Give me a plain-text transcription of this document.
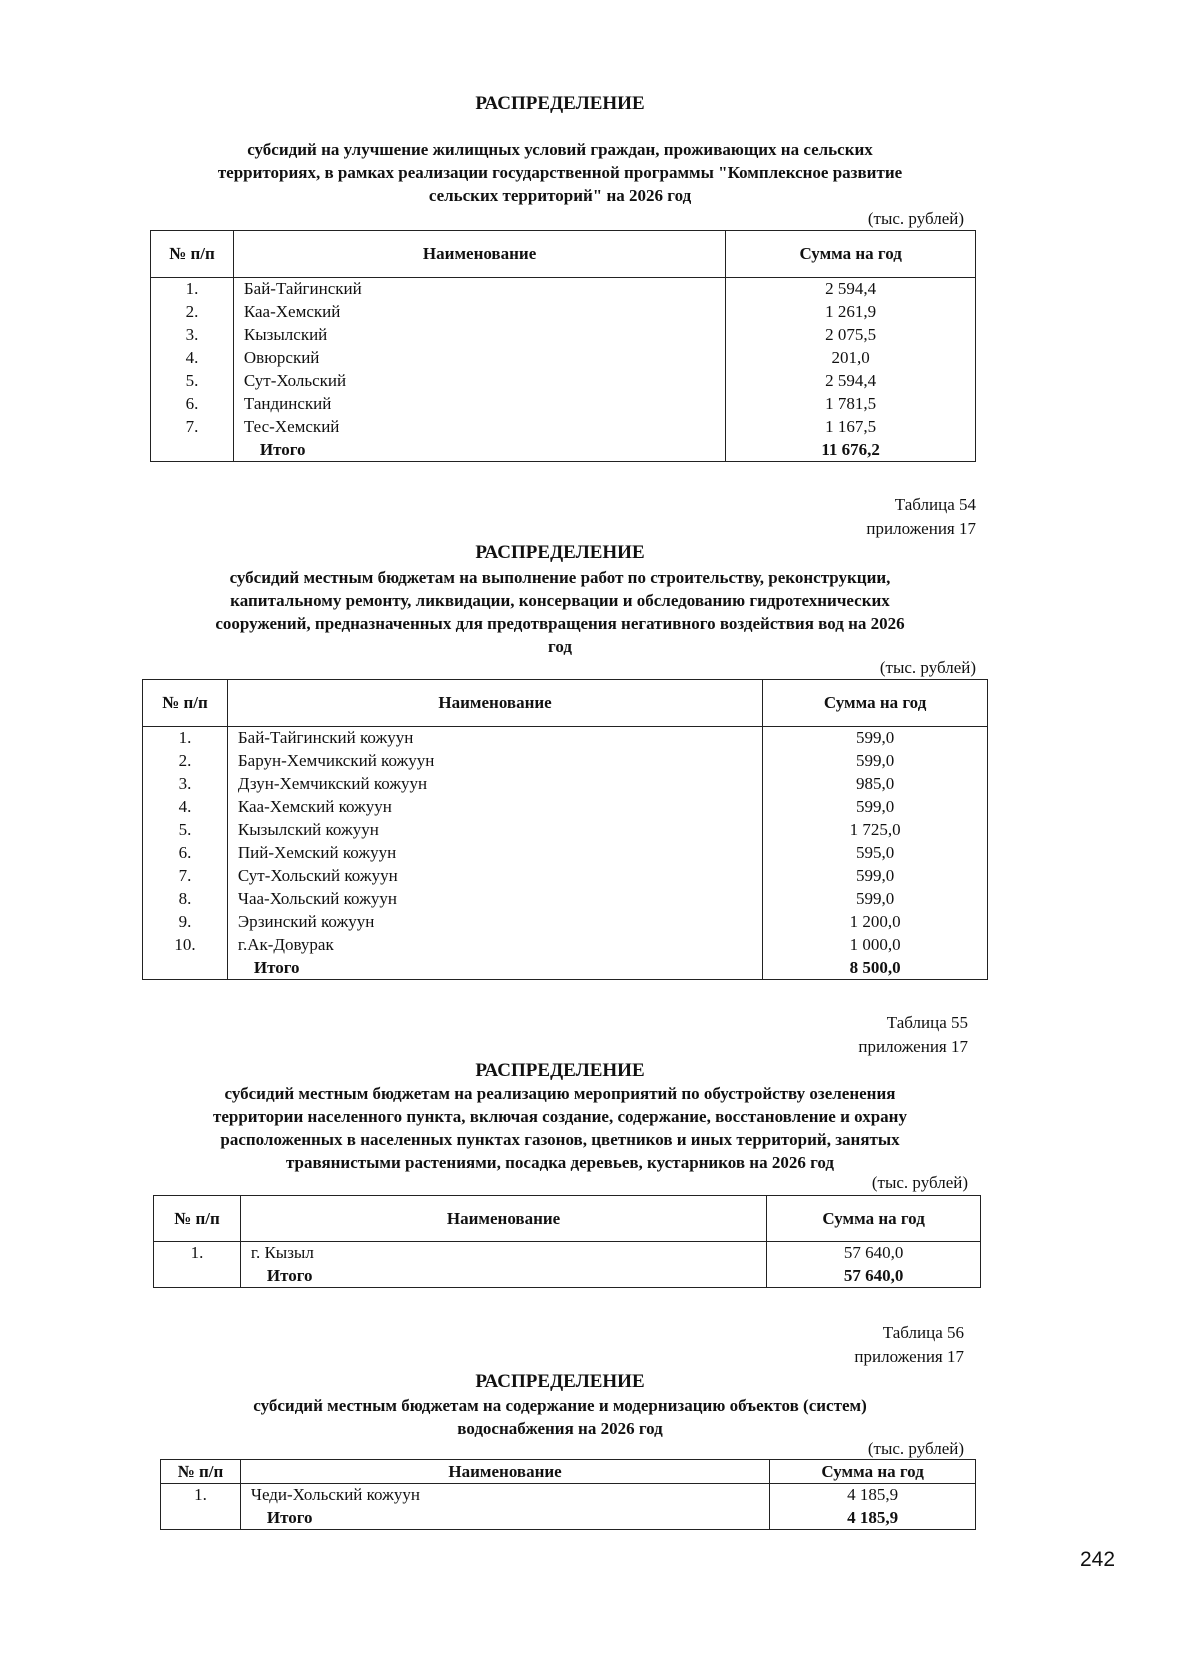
РАСПРЕДЕЛЕНИЕ
субсидий на улучшение жилищных условий граждан, проживающих на сельских
территориях, в рамках реализации государственной программы "Комплексное развитие
сельских территорий" на 2026 год
(тыс. рублей)
№ п/п	Наименование	Сумма на год
1.	Бай-Тайгинский	2 594,4
2.	Каа-Хемский	1 261,9
3.	Кызылский	2 075,5
4.	Овюрский	201,0
5.	Сут-Хольский	2 594,4
6.	Тандинский	1 781,5
7.	Тес-Хемский	1 167,5
	Итого	11 676,2
Таблица 54
приложения 17
РАСПРЕДЕЛЕНИЕ
субсидий местным бюджетам на выполнение работ по строительству, реконструкции,
капитальному ремонту, ликвидации, консервации и обследованию гидротехнических
сооружений, предназначенных для предотвращения негативного воздействия вод на 2026
год
(тыс. рублей)
№ п/п	Наименование	Сумма на год
1.	Бай-Тайгинский кожуун	599,0
2.	Барун-Хемчикский кожуун	599,0
3.	Дзун-Хемчикский кожуун	985,0
4.	Каа-Хемский кожуун	599,0
5.	Кызылский кожуун	1 725,0
6.	Пий-Хемский кожуун	595,0
7.	Сут-Хольский кожуун	599,0
8.	Чаа-Хольский кожуун	599,0
9.	Эрзинский кожуун	1 200,0
10.	г.Ак-Довурак	1 000,0
	Итого	8 500,0
Таблица 55
приложения 17
РАСПРЕДЕЛЕНИЕ
субсидий местным бюджетам на реализацию мероприятий по обустройству озеленения
территории населенного пункта, включая создание, содержание, восстановление и охрану
расположенных в населенных пунктах газонов, цветников и иных территорий, занятых
травянистыми растениями, посадка деревьев, кустарников на 2026 год
(тыс. рублей)
№ п/п	Наименование	Сумма на год
1.	г. Кызыл	57 640,0
	Итого	57 640,0
Таблица 56
приложения 17
РАСПРЕДЕЛЕНИЕ
субсидий местным бюджетам на содержание и модернизацию объектов (систем)
водоснабжения на 2026 год
(тыс. рублей)
№ п/п	Наименование	Сумма на год
1.	Чеди-Хольский кожуун	4 185,9
	Итого	4 185,9
242
